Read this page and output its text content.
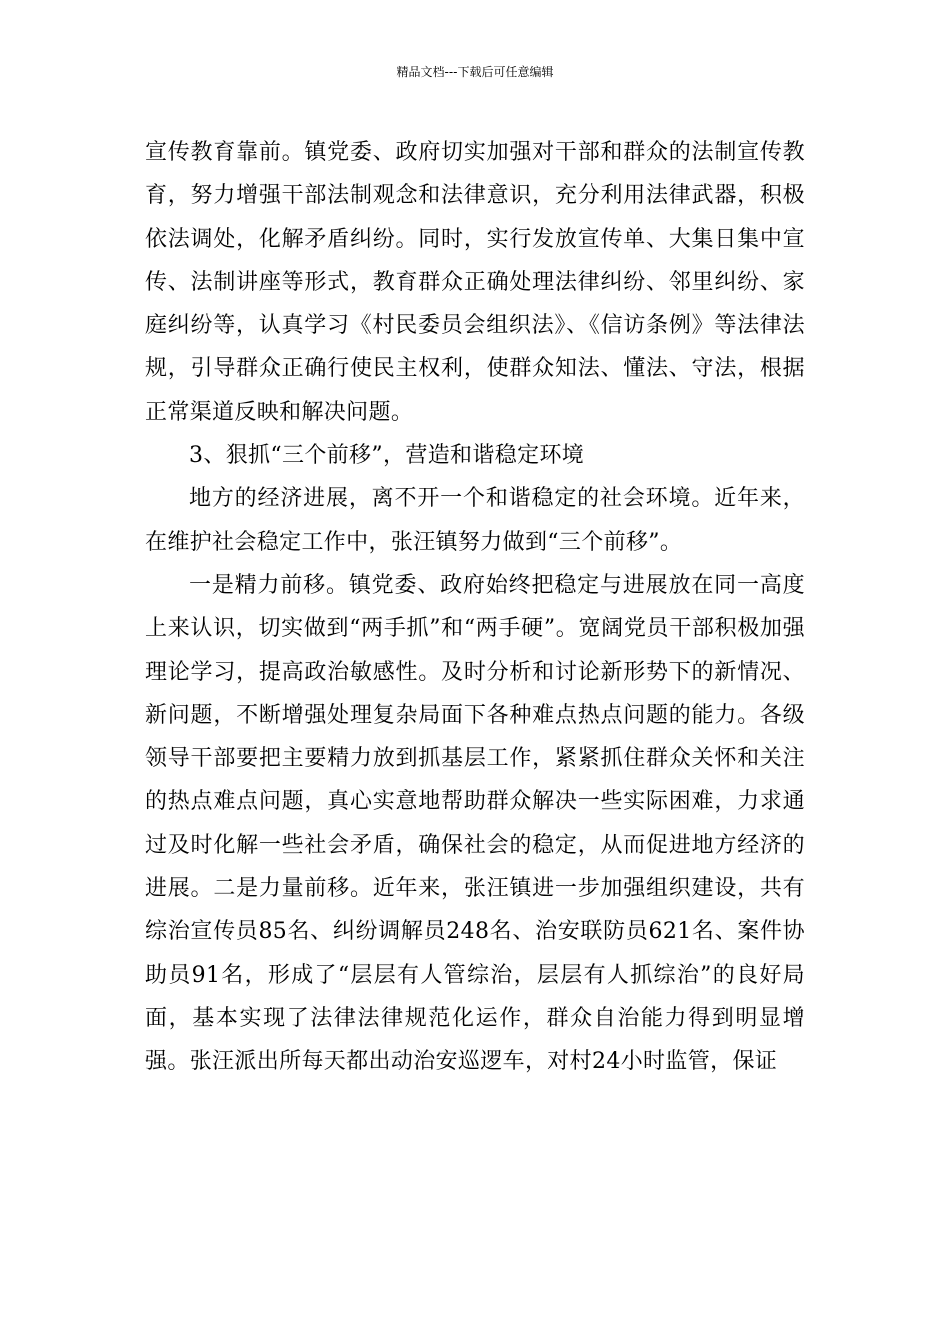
精品文档---下载后可任意编辑

宣传教育靠前。镇党委、政府切实加强对干部和群众的法制宣传教育，努力增强干部法制观念和法律意识，充分利用法律武器，积极依法调处，化解矛盾纠纷。同时，实行发放宣传单、大集日集中宣传、法制讲座等形式，教育群众正确处理法律纠纷、邻里纠纷、家庭纠纷等，认真学习《村民委员会组织法》、《信访条例》等法律法规，引导群众正确行使民主权利，使群众知法、懂法、守法，根据正常渠道反映和解决问题。

3、狠抓“三个前移”，营造和谐稳定环境

地方的经济进展，离不开一个和谐稳定的社会环境。近年来，在维护社会稳定工作中，张汪镇努力做到“三个前移”。

一是精力前移。镇党委、政府始终把稳定与进展放在同一高度上来认识，切实做到“两手抓”和“两手硬”。宽阔党员干部积极加强理论学习，提高政治敏感性。及时分析和讨论新形势下的新情况、新问题，不断增强处理复杂局面下各种难点热点问题的能力。各级领导干部要把主要精力放到抓基层工作，紧紧抓住群众关怀和关注的热点难点问题，真心实意地帮助群众解决一些实际困难，力求通过及时化解一些社会矛盾，确保社会的稳定，从而促进地方经济的进展。二是力量前移。近年来，张汪镇进一步加强组织建设，共有综治宣传员85名、纠纷调解员248名、治安联防员621名、案件协助员91名，形成了“层层有人管综治，层层有人抓综治”的良好局面，基本实现了法律法律规范化运作，群众自治能力得到明显增强。张汪派出所每天都出动治安巡逻车，对村24小时监管，保证
